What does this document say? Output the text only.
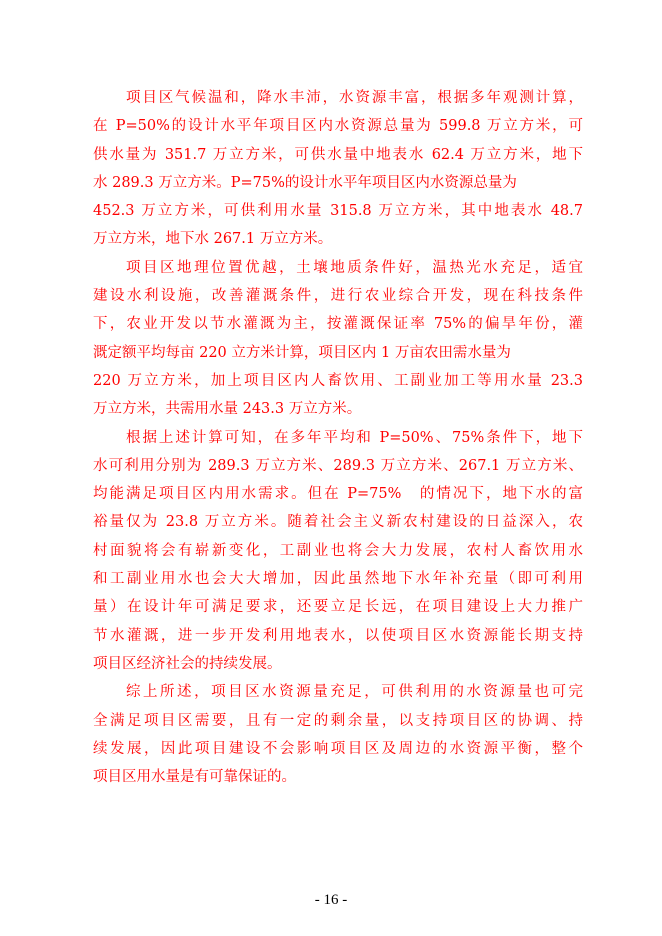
项目区气候温和，降水丰沛，水资源丰富，根据多年观测计算，
在 P=50%的设计水平年项目区内水资源总量为 599.8 万立方米，可
供水量为 351.7 万立方米，可供水量中地表水 62.4 万立方米，地下
水 289.3 万立方米。P=75%的设计水平年项目区内水资源总量为
452.3 万立方米，可供利用水量 315.8 万立方米，其中地表水 48.7
万立方米，地下水 267.1 万立方米。
项目区地理位置优越，土壤地质条件好，温热光水充足，适宜
建设水利设施，改善灌溉条件，进行农业综合开发，现在科技条件
下，农业开发以节水灌溉为主，按灌溉保证率 75%的偏旱年份，灌
溉定额平均每亩 220 立方米计算，项目区内 1 万亩农田需水量为
220 万立方米，加上项目区内人畜饮用、工副业加工等用水量 23.3
万立方米，共需用水量 243.3 万立方米。
根据上述计算可知，在多年平均和 P=50%、75%条件下，地下
水可利用分别为 289.3 万立方米、289.3 万立方米、267.1 万立方米、
均能满足项目区内用水需求。但在 P=75%　的情况下，地下水的富
裕量仅为 23.8 万立方米。随着社会主义新农村建设的日益深入，农
村面貌将会有崭新变化，工副业也将会大力发展，农村人畜饮用水
和工副业用水也会大大增加，因此虽然地下水年补充量（即可利用
量）在设计年可满足要求，还要立足长远，在项目建设上大力推广
节水灌溉，进一步开发利用地表水，以使项目区水资源能长期支持
项目区经济社会的持续发展。
综上所述，项目区水资源量充足，可供利用的水资源量也可完
全满足项目区需要，且有一定的剩余量，以支持项目区的协调、持
续发展，因此项目建设不会影响项目区及周边的水资源平衡，整个
项目区用水量是有可靠保证的。
- 16 -
